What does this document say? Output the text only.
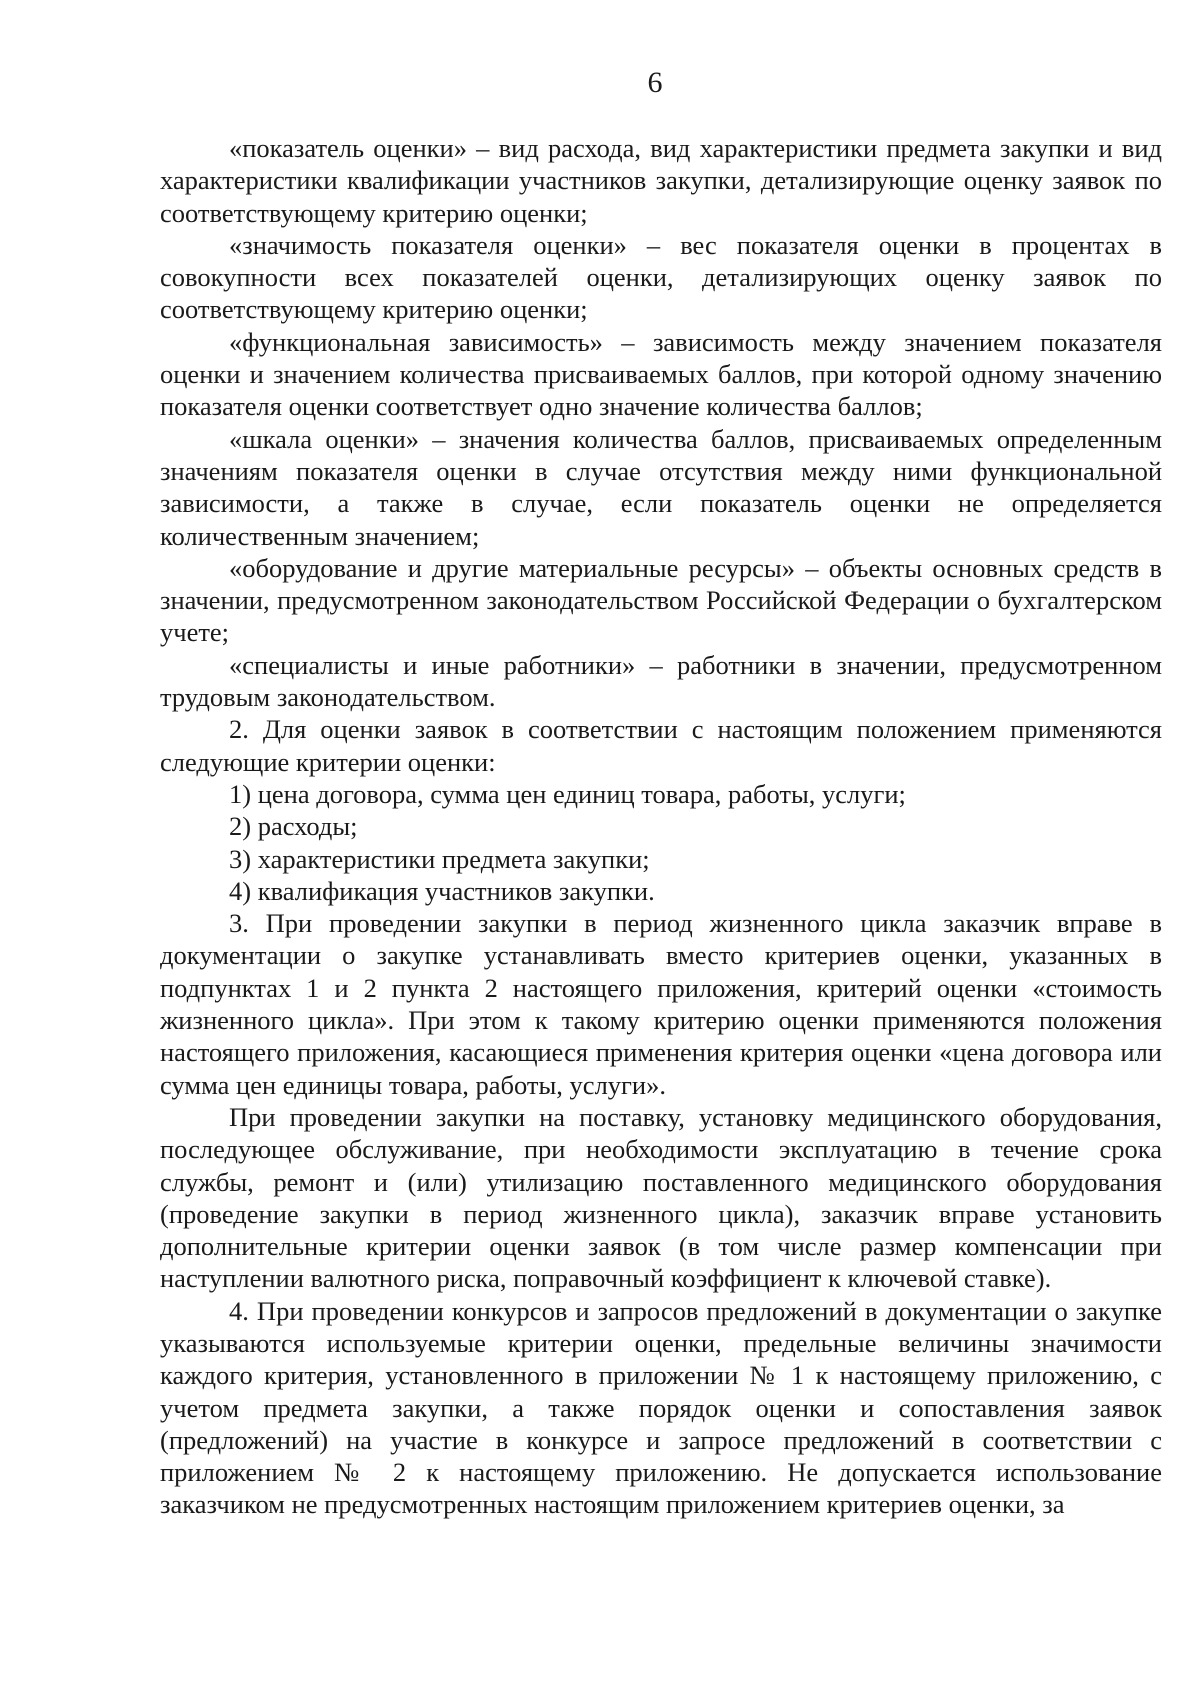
6

«показатель оценки» – вид расхода, вид характеристики предмета закупки и вид характеристики квалификации участников закупки, детализирующие оценку заявок по соответствующему критерию оценки;

«значимость показателя оценки» – вес показателя оценки в процентах в совокупности всех показателей оценки, детализирующих оценку заявок по соответствующему критерию оценки;

«функциональная зависимость» – зависимость между значением показателя оценки и значением количества присваиваемых баллов, при которой одному значению показателя оценки соответствует одно значение количества баллов;

«шкала оценки» – значения количества баллов, присваиваемых определенным значениям показателя оценки в случае отсутствия между ними функциональной зависимости, а также в случае, если показатель оценки не определяется количественным значением;

«оборудование и другие материальные ресурсы» – объекты основных средств в значении, предусмотренном законодательством Российской Федерации о бухгалтерском учете;

«специалисты и иные работники» – работники в значении, предусмотренном трудовым законодательством.

2. Для оценки заявок в соответствии с настоящим положением применяются следующие критерии оценки:

1) цена договора, сумма цен единиц товара, работы, услуги;

2) расходы;

3) характеристики предмета закупки;

4) квалификация участников закупки.

3. При проведении закупки в период жизненного цикла заказчик вправе в документации о закупке устанавливать вместо критериев оценки, указанных в подпунктах 1 и 2 пункта 2 настоящего приложения, критерий оценки «стоимость жизненного цикла». При этом к такому критерию оценки применяются положения настоящего приложения, касающиеся применения критерия оценки «цена договора или сумма цен единицы товара, работы, услуги».

При проведении закупки на поставку, установку медицинского оборудования, последующее обслуживание, при необходимости эксплуатацию в течение срока службы, ремонт и (или) утилизацию поставленного медицинского оборудования (проведение закупки в период жизненного цикла), заказчик вправе установить дополнительные критерии оценки заявок (в том числе размер компенсации при наступлении валютного риска, поправочный коэффициент к ключевой ставке).

4. При проведении конкурсов и запросов предложений в документации о закупке указываются используемые критерии оценки, предельные величины значимости каждого критерия, установленного в приложении № 1 к настоящему приложению, с учетом предмета закупки, а также порядок оценки и сопоставления заявок (предложений) на участие в конкурсе и запросе предложений в соответствии с приложением № 2 к настоящему приложению. Не допускается использование заказчиком не предусмотренных настоящим приложением критериев оценки, за
